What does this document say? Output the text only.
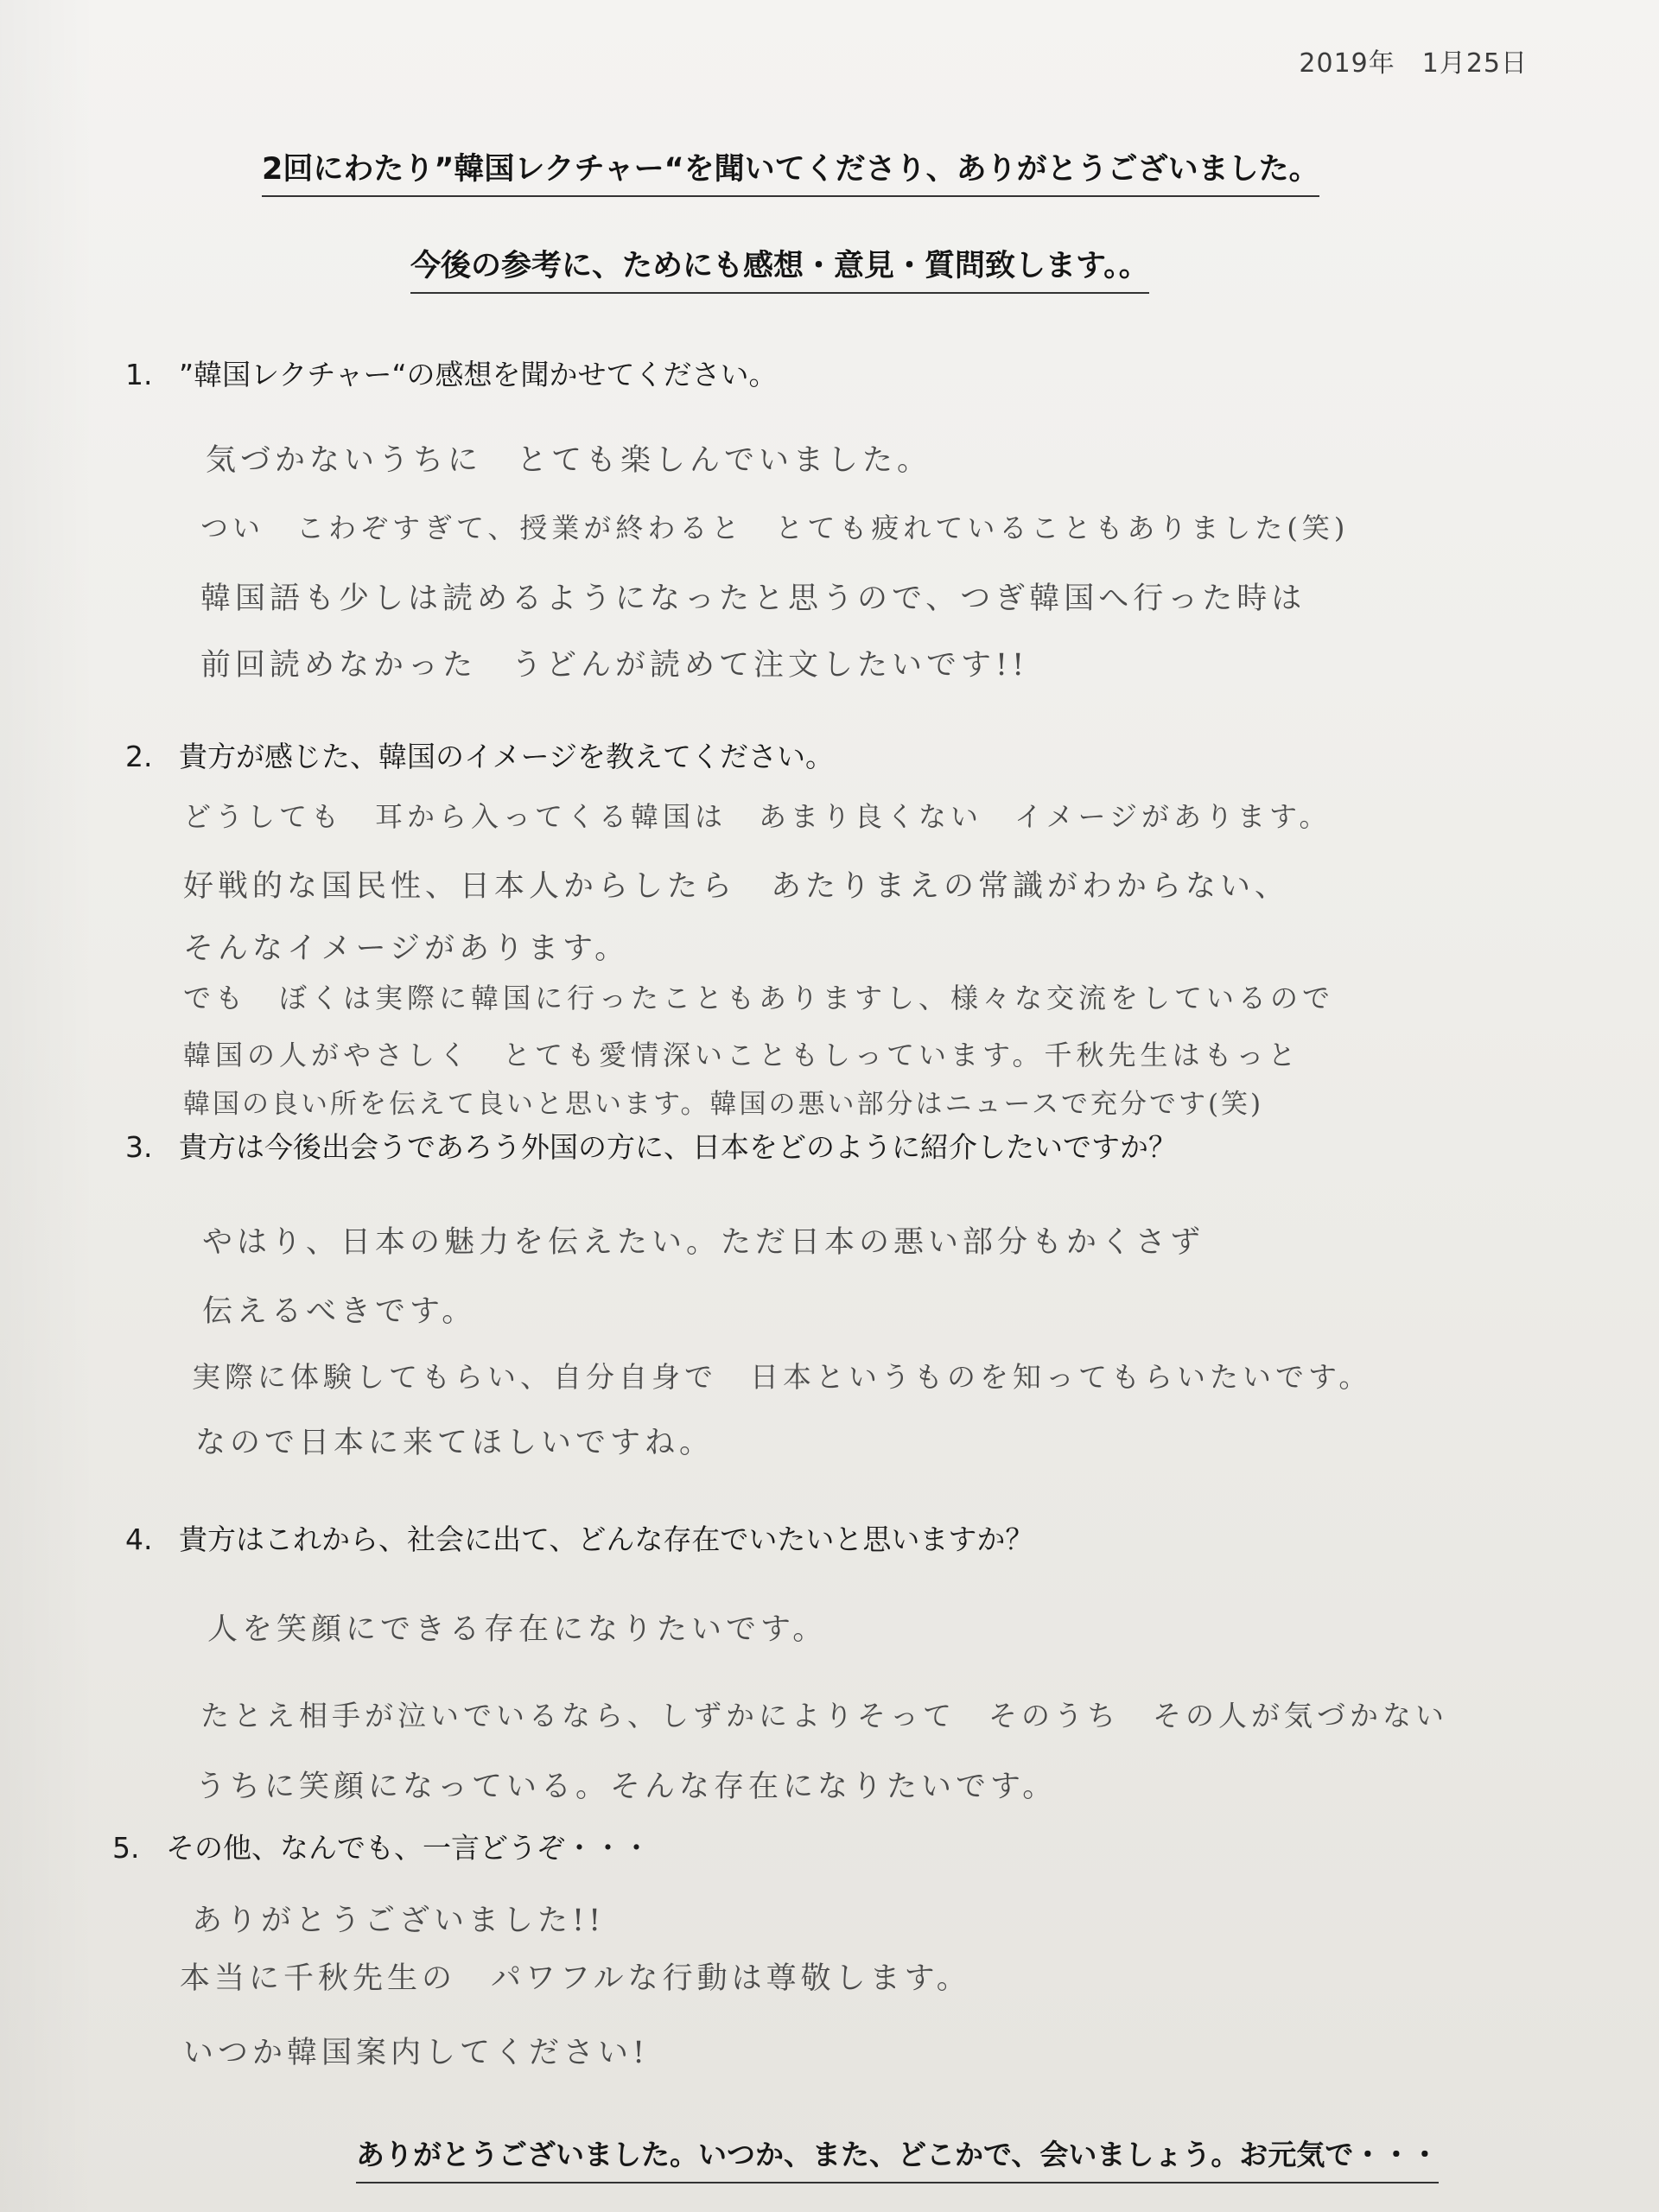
2019年　1月25日
2回にわたり”韓国レクチャー“を聞いてくださり、ありがとうございました。
今後の参考に、ためにも感想・意見・質問致します。。
1. ”韓国レクチャー“の感想を聞かせてください。
気づかないうちに　とても楽しんでいました。
つい　こわぞすぎて、授業が終わると　とても疲れていることもありました(笑)
韓国語も少しは読めるようになったと思うので、つぎ韓国へ行った時は
前回読めなかった　うどんが読めて注文したいです!!
2. 貴方が感じた、韓国のイメージを教えてください。
どうしても　耳から入ってくる韓国は　あまり良くない　イメージがあります。
好戦的な国民性、日本人からしたら　あたりまえの常識がわからない、
そんなイメージがあります。
でも　ぼくは実際に韓国に行ったこともありますし、様々な交流をしているので
韓国の人がやさしく　とても愛情深いこともしっています。千秋先生はもっと
韓国の良い所を伝えて良いと思います。韓国の悪い部分はニュースで充分です(笑)
3. 貴方は今後出会うであろう外国の方に、日本をどのように紹介したいですか？
やはり、日本の魅力を伝えたい。ただ日本の悪い部分もかくさず
伝えるべきです。
実際に体験してもらい、自分自身で　日本というものを知ってもらいたいです。
なので日本に来てほしいですね。
4. 貴方はこれから、社会に出て、どんな存在でいたいと思いますか？
人を笑顔にできる存在になりたいです。
たとえ相手が泣いでいるなら、しずかによりそって　そのうち　その人が気づかない
うちに笑顔になっている。そんな存在になりたいです。
5. その他、なんでも、一言どうぞ・・・
ありがとうございました!!
本当に千秋先生の　パワフルな行動は尊敬します。
いつか韓国案内してください!
ありがとうございました。いつか、また、どこかで、会いましょう。お元気で・・・
